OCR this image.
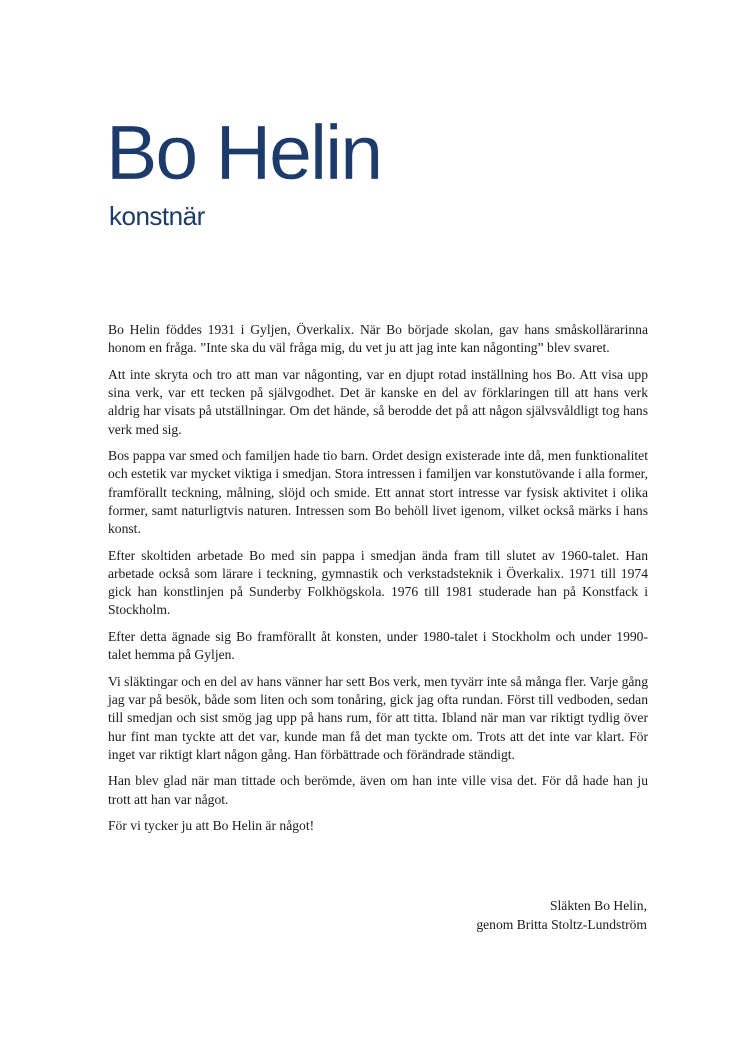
Bo Helin
konstnär

Bo Helin föddes 1931 i Gyljen, Överkalix. När Bo började skolan, gav hans småskollärarinna honom en fråga. ”Inte ska du väl fråga mig, du vet ju att jag inte kan någonting” blev svaret.

Att inte skryta och tro att man var någonting, var en djupt rotad inställning hos Bo. Att visa upp sina verk, var ett tecken på självgodhet. Det är kanske en del av förklaringen till att hans verk aldrig har visats på utställningar. Om det hände, så berodde det på att någon självsvåldligt tog hans verk med sig.

Bos pappa var smed och familjen hade tio barn. Ordet design existerade inte då, men funktionalitet och estetik var mycket viktiga i smedjan. Stora intressen i familjen var konstutövande i alla former, framförallt teckning, målning, slöjd och smide. Ett annat stort intresse var fysisk aktivitet i olika former, samt naturligtvis naturen. Intressen som Bo behöll livet igenom, vilket också märks i hans konst.

Efter skoltiden arbetade Bo med sin pappa i smedjan ända fram till slutet av 1960-talet. Han arbetade också som lärare i teckning, gymnastik och verkstadsteknik i Överkalix. 1971 till 1974 gick han konstlinjen på Sunderby Folkhögskola. 1976 till 1981 studerade han på Konstfack i Stockholm.

Efter detta ägnade sig Bo framförallt åt konsten, under 1980-talet i Stockholm och under 1990-talet hemma på Gyljen.

Vi släktingar och en del av hans vänner har sett Bos verk, men tyvärr inte så många fler. Varje gång jag var på besök, både som liten och som tonåring, gick jag ofta rundan. Först till vedboden, sedan till smedjan och sist smög jag upp på hans rum, för att titta. Ibland när man var riktigt tydlig över hur fint man tyckte att det var, kunde man få det man tyckte om. Trots att det inte var klart. För inget var riktigt klart någon gång. Han förbättrade och förändrade ständigt.

Han blev glad när man tittade och berömde, även om han inte ville visa det. För då hade han ju trott att han var något.

För vi tycker ju att Bo Helin är något!

Släkten Bo Helin,
genom Britta Stoltz-Lundström
